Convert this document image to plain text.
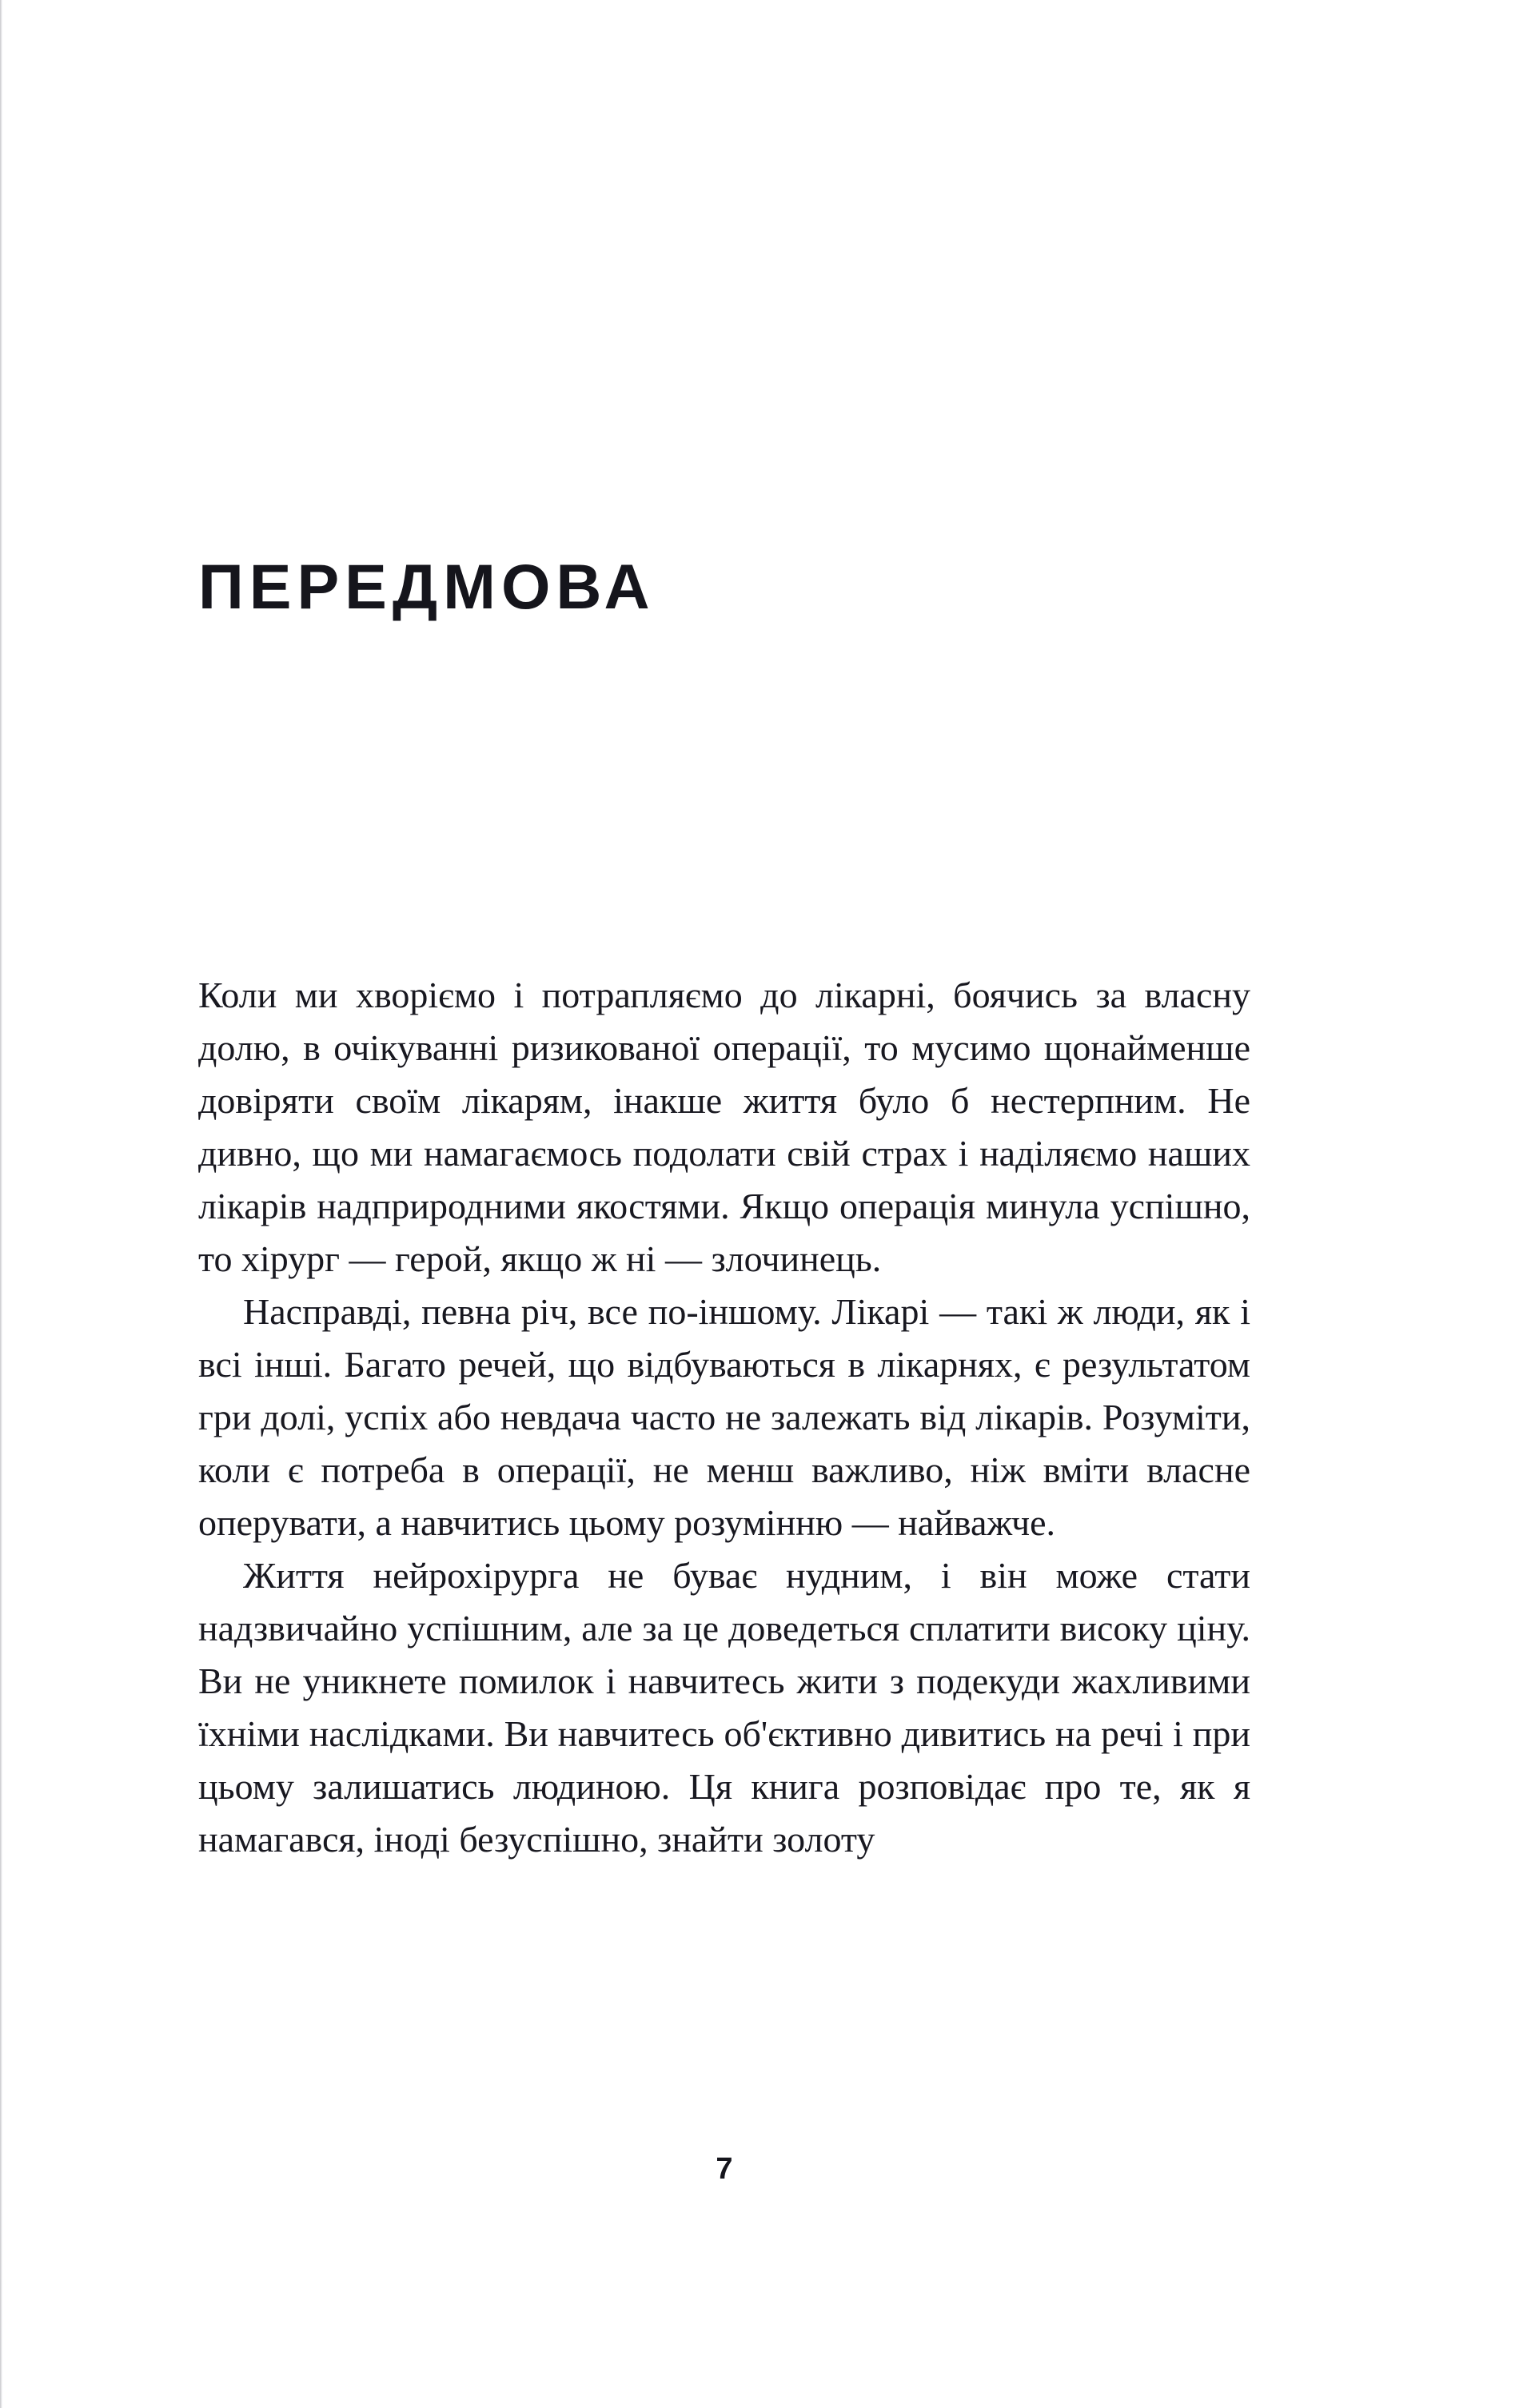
ПЕРЕДМОВА

Коли ми хворіємо і потрапляємо до лікарні, боячись за власну долю, в очікуванні ризикованої операції, то мусимо щонайменше довіряти своїм лікарям, інакше життя було б нестерпним. Не дивно, що ми намагаємось подолати свій страх і наділяємо наших лікарів надприродними якостями. Якщо операція минула успішно, то хірург — герой, якщо ж ні — злочинець.

Насправді, певна річ, все по-іншому. Лікарі — такі ж люди, як і всі інші. Багато речей, що відбуваються в лікарнях, є результатом гри долі, успіх або невдача часто не залежать від лікарів. Розуміти, коли є потреба в операції, не менш важливо, ніж вміти власне оперувати, а навчитись цьому розумінню — найважче.

Життя нейрохірурга не буває нудним, і він може стати надзвичайно успішним, але за це доведеться сплатити високу ціну. Ви не уникнете помилок і навчитесь жити з подекуди жахливими їхніми наслідками. Ви навчитесь об'єктивно дивитись на речі і при цьому залишатись людиною. Ця книга розповідає про те, як я намагався, іноді безуспішно, знайти золоту

7
